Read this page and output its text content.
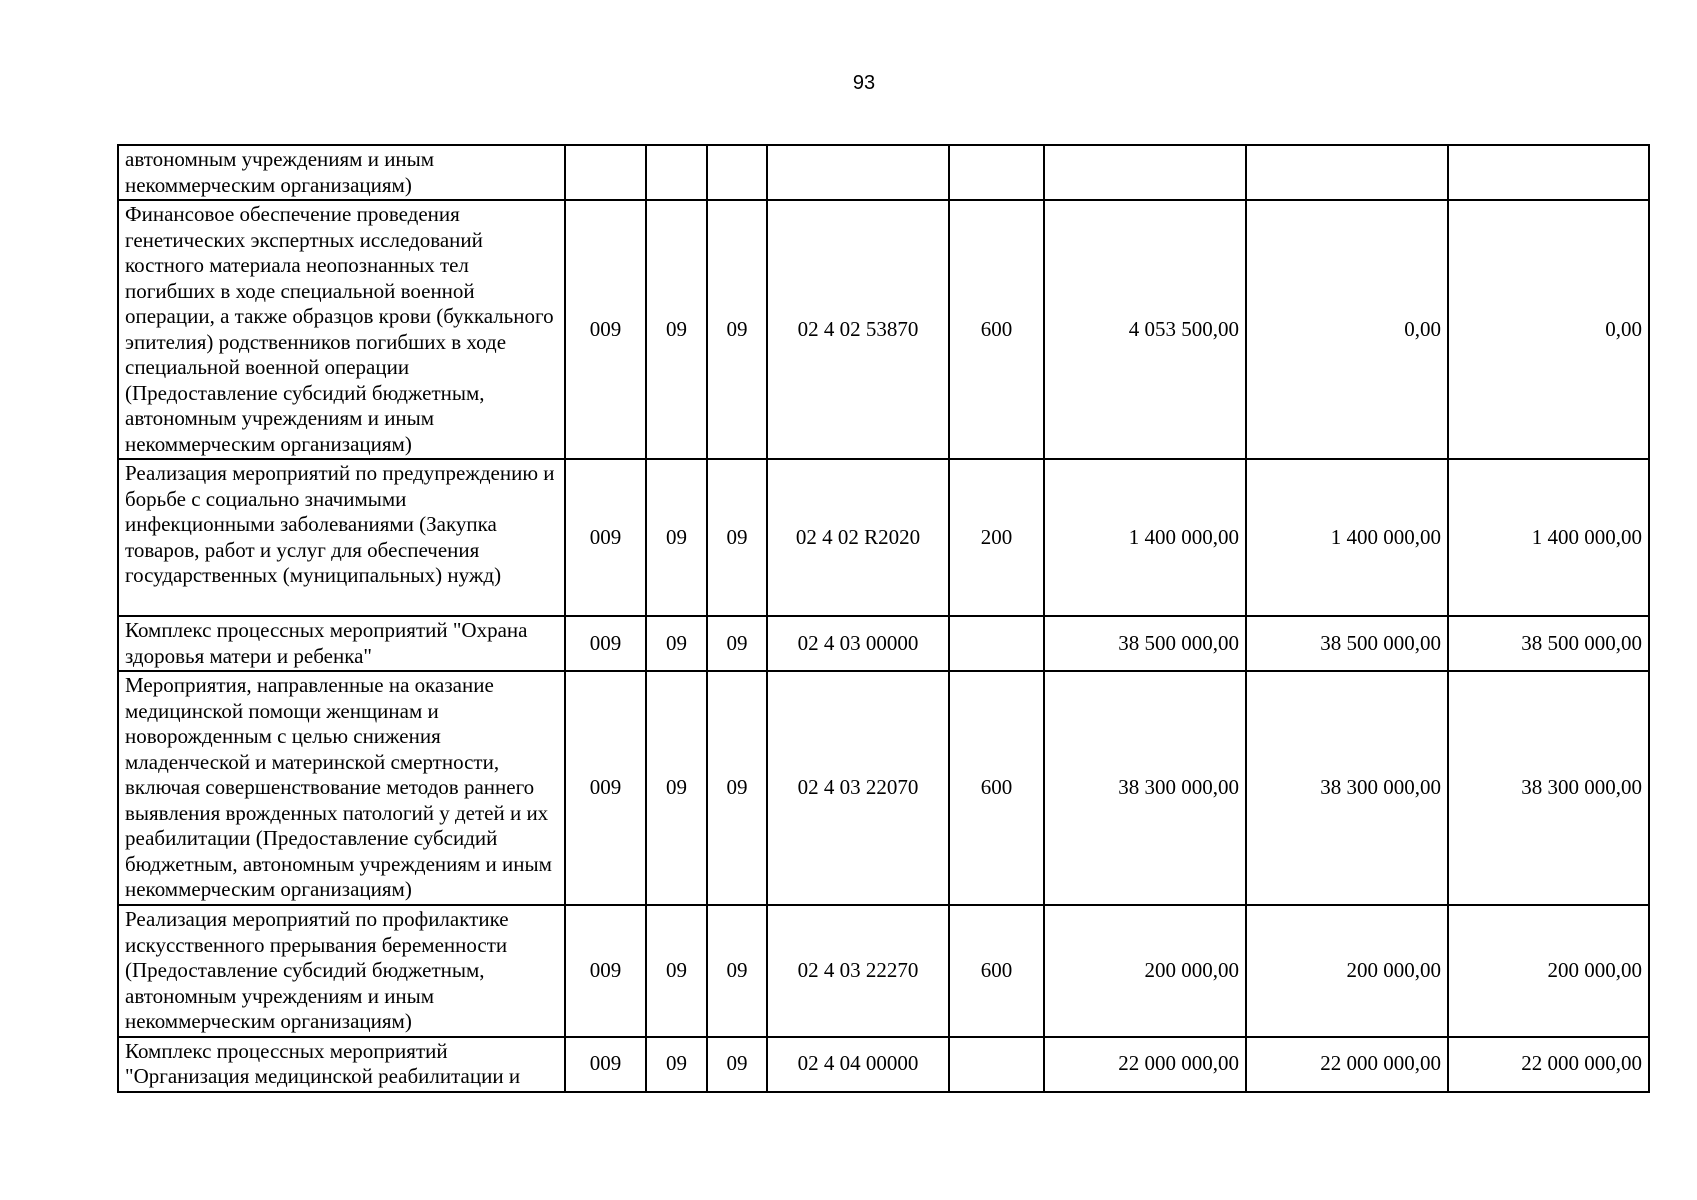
93
автономным учреждениям и иным некоммерческим организациям)								
Финансовое обеспечение проведения генетических экспертных исследований костного материала неопознанных тел погибших в ходе специальной военной операции, а также образцов крови (буккального эпителия) родственников погибших в ходе специальной военной операции (Предоставление субсидий бюджетным, автономным учреждениям и иным некоммерческим организациям)	009	09	09	02 4 02 53870	600	4 053 500,00	0,00	0,00
Реализация мероприятий по предупреждению и борьбе с социально значимыми инфекционными заболеваниями (Закупка товаров, работ и услуг для обеспечения государственных (муниципальных) нужд)	009	09	09	02 4 02 R2020	200	1 400 000,00	1 400 000,00	1 400 000,00
Комплекс процессных мероприятий "Охрана здоровья матери и ребенка"	009	09	09	02 4 03 00000		38 500 000,00	38 500 000,00	38 500 000,00
Мероприятия, направленные на оказание медицинской помощи женщинам и новорожденным с целью снижения младенческой и материнской смертности, включая совершенствование методов раннего выявления врожденных патологий у детей и их реабилитации (Предоставление субсидий бюджетным, автономным учреждениям и иным некоммерческим организациям)	009	09	09	02 4 03 22070	600	38 300 000,00	38 300 000,00	38 300 000,00
Реализация мероприятий по профилактике искусственного прерывания беременности (Предоставление субсидий бюджетным, автономным учреждениям и иным некоммерческим организациям)	009	09	09	02 4 03 22270	600	200 000,00	200 000,00	200 000,00
Комплекс процессных мероприятий "Организация медицинской реабилитации и	009	09	09	02 4 04 00000		22 000 000,00	22 000 000,00	22 000 000,00
